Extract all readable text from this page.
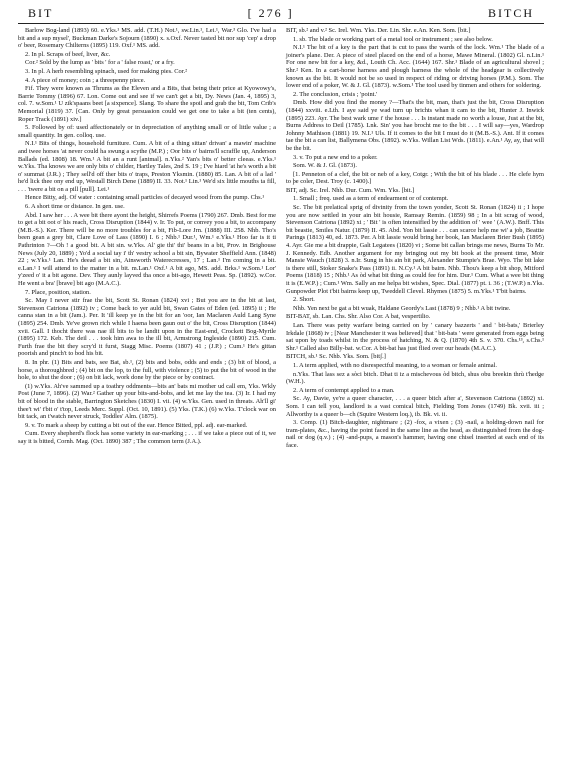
BIT	[ 276 ]	BITCH

Barlow Bog-land (1893) 60. e.Yks.¹ MS. add. (T.H.) Not.¹, sw.Lin.¹, Lei.¹, War.³ Glo. I've had a bit and a sup mysel', Buckman Darke's Sojourn (1890) x. s.Oxf. Never tasted bit nor sup 'cep' a drop o' beer, Rosemary Chilterns (1895) 119. Oxf.¹ MS. add.

2. In pl. Scraps of beef, liver, &c.

Cor.² Sold by the lump as ' bits ' for a ' false roast,' or a fry.

3. In pl. A herb resembling spinach, used for making pies. Cor.²

4. A piece of money; coin ; a threepenny piece.

Fif. They were known as Thrums as the Eleven and a Bits, that being their price at Kyowowy's, Barrie Tommy (1896) 67. Lon. Come out and see if we can't get a bit, Dy. News (Jan. 4, 1895) 3, col. 7. w.Som.¹ U zik'spaans beet [a sixpence]. Slang. To share the spoil and grab the bit, Tom Crib's Memorial (1819) 37. [Can. Only by great persuasion could we get one to take a bit (ten cents), Roper Track (1891) xiv.]

5. Followed by of: used affectionately or in depreciation of anything small or of little value ; a small quantity. In gen. colloq. use.

N.I.¹ Bits of things, household furniture. Cum. A bit of a thing sittan' drivan' a mawin' machine and twee horses 'at never could ha swung a scythe (M.P.) ; Oor bits o' bairns'll scraffle up, Anderson Ballads (ed. 1808) 18. Wm.¹ A bit an a runt [animal]. n.Yks.² Yan's bits o' better cleeas. e.Yks.¹ w.Yks. Tha knows we are only bits o' childer, Hartley Tales, 2nd S. 19 ; I've hiard 'at he's worth a bit o' summat (J.R.) ; They sell'd off ther bits o' traps, Preston Yksmin. (1880) 85. Lan. A bit of a lad ' he'd lick thee ony end up, Westall Birch Dene (1889) II. 33. Not.¹ Lin.¹ We'd six little mouths ta fill, . . . 'twere a bit on a pill [pull]. Lei.¹

Hence Bitty, adj. Of water : containing small particles of decayed wood from the pump. Chs.¹

6. A short time or distance. In gen. use.

Abd. I saw her . . . A wee bit there ayont the height, Shirrefs Poems (1790) 267. Dmb. Best for me to get a bit oot o' his reach, Cross Disruption (1844) v. Ir. To put, or convey you a bit, to accompany (M.B.-S.). Ker. There will be no more troubles for a bit, Fib-Lore Jrn. (1888) III. 258. Nhb. Tho's been gean a grey bit, Clare Love of Lass (1890) I. 6 ; Nhb.¹ Dur.¹, Wm.¹ e.Yks.¹ Hoo far is it ti Pathrinton ?—Oh ! a good bit. A bit sin. w.Yks. Al' gie thi' thi' beans in a bit, Prov. in Brighouse News (July 20, 1889) ; Yo'd a social tay i' th' vestry school a bit sin, Bywater Sheffield Ann. (1848) 22 ; w.Yks.¹ Lan. He's deead a bit sin, Ainsworth Waterecresses, 17 ; Lan.¹ I'm coming in a bit. e.Lan.¹ I will attend to the matter in a bit. m.Lan.¹ Oxf.¹ A bit ago, MS. add. Brks.¹ w.Som.¹ Lor' y'zeed o' it a bit agone. Dev. They aunly layved tha once a bit-ago, Hewett Peas. Sp. (1892). w.Cor. He went a bra' [brave] bit ago (M.A.C.).

7. Place, position, station.

Sc. May I never stir frae the bit, Scott St. Ronan (1824) xvi ; But you are in the bit at last, Stevenson Catriona (1892) iv ; Come back to yer auld bit, Swan Gates of Eden (ed. 1895) ii ; He canna stan in a bit (Jam.). Per. It 'ill keep ye in the bit for an 'oor, Ian Maclaren Auld Lang Syne (1895) 254. Dmb. Ye've grown rich while I haena been gaun out o' the bit, Cross Disruption (1844) xvii. Gall. I thocht there was nae ill bits to be landit upon in the East-end, Crockett Bog-Myrtle (1895) 172. Keb. The deil . . . took him awa to the ill bit, Armstrong Ingleside (1890) 215. Cum. Furth frae the bit they scry'd it furst, Stagg Misc. Poems (1807) 41 ; (J.P.) ; Cum.¹ He's gittan poorish and pinch't to bod his bit.

8. In phr. (1) Bits and bats, see Bat, sb.¹, (2) bits and bobs, odds and ends ; (3) bit of blood, a horse, a thoroughbred ; (4) bit on the lop, to the full, with violence ; (5) to put the bit of wood in the hole, to shut the door ; (6) on bit lack, work done by the piece or by contract.

(1) w.Yks. Ah've sammed up a toathry oddments—bits an' bats mi mother ud call em, Yks. Wkly Post (June 7, 1896). (2) War.² Gather up your bits-and-bobs, and let me lay the tea. (3) Ir. I had my bit of blood in the stable, Barrington Sketches (1830) I. vii. (4) w.Yks. Gen. used in threats. Ah'll gi' thee't wi' t'bit o' t'top, Leeds Merc. Suppl. (Oct. 10, 1891). (5) Yks. (T.K.) (6) w.Yks. T'clock war on bit tack, an t'watch never struck, Toddles' Alm. (1875).

9. v. To mark a sheep by cutting a bit out of the ear. Hence Bitted, ppl. adj. ear-marked.

Cum. Every shepherd's flock has some variety in ear-marking ; . . . if we take a piece out of it, we say it is bitted, Cornh. Mag. (Oct. 1890) 387 ; The common term (J.A.).

BIT, sb.² and v.² Sc. Irel. Wm. Yks. Der. Lin. Shr. e.An. Ken. Som. [bit.]

1. sb. The blade or working part of a metal tool or instrument ; see also below.

N.I.¹ The bit of a key is the part that is cut to pass the wards of the lock. Wm.¹ The blade of a joiner's plane. Der. A piece of steel placed on the end of a horse, Mawe Mineral. (1802) Gl. n.Lin.¹ For one new bit for a key, &d., Louth Ch. Acc. (1644) 167. Shr.¹ Blade of an agricultural shovel ; Shr.² Ken. In a cart-horse harness and plough harness the whole of the headgear is collectively known as the bit. It would not be so used in respect of riding or driving horses (P.M.). Som. The lower end of a poker, W. & J. Gl. (1873). w.Som.¹ The tool used by tinmen and others for soldering.

2. The conclusion, crisis ; 'point.'

Dmb. How did you find the money ?—That's the bit, man, that's just the bit, Cross Disruption (1844) xxviii. e.Lth. I aye said ye wad turn up brichts whan it cam to the bit, Hunter J. Inwick (1895) 223. Ayr. The best wark ume i' the house . . . Is instant made no worth a louse, Just at the bit, Burns Address to Deil (1785). Lnk. Sin' you hae brocht me to the bit . . . I will say—yes, Wardrop Johnny Mathison (1881) 19. N.I.¹ Uls. If it comes to the bit I must do it (M.B.-S.). Ant. If it comes tae the bit a can list, Ballymena Obs. (1892). w.Yks. Willan List Wds. (1811). e.An.¹ Ay, ay, that will be the bit.

3. v. To put a new end to a poker.

Som. W. & J. Gl. (1873).

[1. Penneton of a clef, the bit or neb of a key, Cotgr. ; With the bit of his blade . . . He clefe hym to þe coler, Dest. Troy (c. 1400).]

BIT, adj. Sc. Irel. Nhb. Dur. Cum. Wm. Yks. [bit.]

1. Small ; freq. used as a term of endearment or of contempt.

Sc. The bit prelatical sprig of divinity from the town yonder, Scott St. Ronan (1824) ii ; I hope you are now settled in your ain bit housie, Ramsay Remin. (1859) 98 ; In a bit scrag of wood, Stevenson Catriona (1892) xi ; ' Bit ' is often intensified by the addition of ' wee ' (A.W.). Bnff. This bit beastie, Smiles Natur. (1879) II. 45. Abd. Yon bit lassie . . . can scarce help me wi' a job, Beattie Parings (1813) 40, ed. 1873. Per. A bit lassie would bring her book, Ian Maclaren Brier Bush (1895) 4. Ayr. Gie me a bit drappie, Galt Legatees (1820) vi ; Some bit callan brings me news, Burns To Mr. J. Kennedy. Edb. Another argument for my bringing out my bit book at the present time, Moir Mansie Wauch (1828) 3. n.Ir. Sung in his ain bit park, Alexander Stumpie's Brae. Wyo. The bit lake is there still, Stoker Snake's Pass (1891) ii. N.Cy.¹ A bit bairn. Nhb. Thou's keep a bit shop, Mitford Poems (1818) 15 ; Nhb.¹ As òd what bit thing as could fee for him. Dur.¹ Cum. What a wee bit thing it is (E.W.P.) ; Cum.¹ Wm. Sally an me helpa bit wishes, Spec. Dial. (1877) pt. i. 36 ; (T.W.P.) n.Yks. Gunpowder Plot t'bit bairns keep up, Tweddell Clevel. Rhymes (1875) 5. m.Yks.¹ T'bit bairns.

2. Short.

Nhb. Yen next be gat a bit wuak, Haldane Geordy's Last (1878) 9 ; Nhb.¹ A bit twine.

BIT-BAT, sb. Lan. Chs. Shr. Also Cor. A bat, vespertilio.

Lan. There was petty warfare being carried on by ' canary bazzerts ' and ' bit-bats,' Brierley Irkdale (1868) iv ; [Near Manchester it was believed] that ' bit-bats ' were generated from eggs being sat upon by toads whilst in the process of hatching, N. & Q. (1870) 4th S. v. 370. Chs.¹³, s.Chs.¹ Shr.¹ Called also Billy-bat. w.Cor. A bit-bat has just flied over our heads (M.A.C.).

BITCH, sb.¹ Sc. Nhb. Yks. Som. [bitʃ.]

1. A term applied, with no disrespectful meaning, to a woman or female animal.

n.Yks. That lass sez a sòci bitch. Dhat ti iz a mischevous òd bitch, shus obu breekin thrù t'hedge (W.H.).

2. A term of contempt applied to a man.

Sc. Ay, Davie, ye're a queer character, . . . a queer bitch after a', Stevenson Catriona (1892) xi. Som. I can tell you, landlord is a vast comical bitch, Fielding Tom Jones (1749) Bk. xvii. iii ; Allworthy is a queer b—ch (Squire Western loq.), ib. Bk. vi. ii.

3. Comp. (1) Bitch-daughter, nightmare ; (2) -fox, a vixen ; (3) -nail, a holding-down nail for tram-plates, &c., having the point faced in the same line as the head, as distinguished from the dog-nail or dog (q.v.) ; (4) -and-pups, a mason's hammer, having one chisel inserted at each end of its face.
